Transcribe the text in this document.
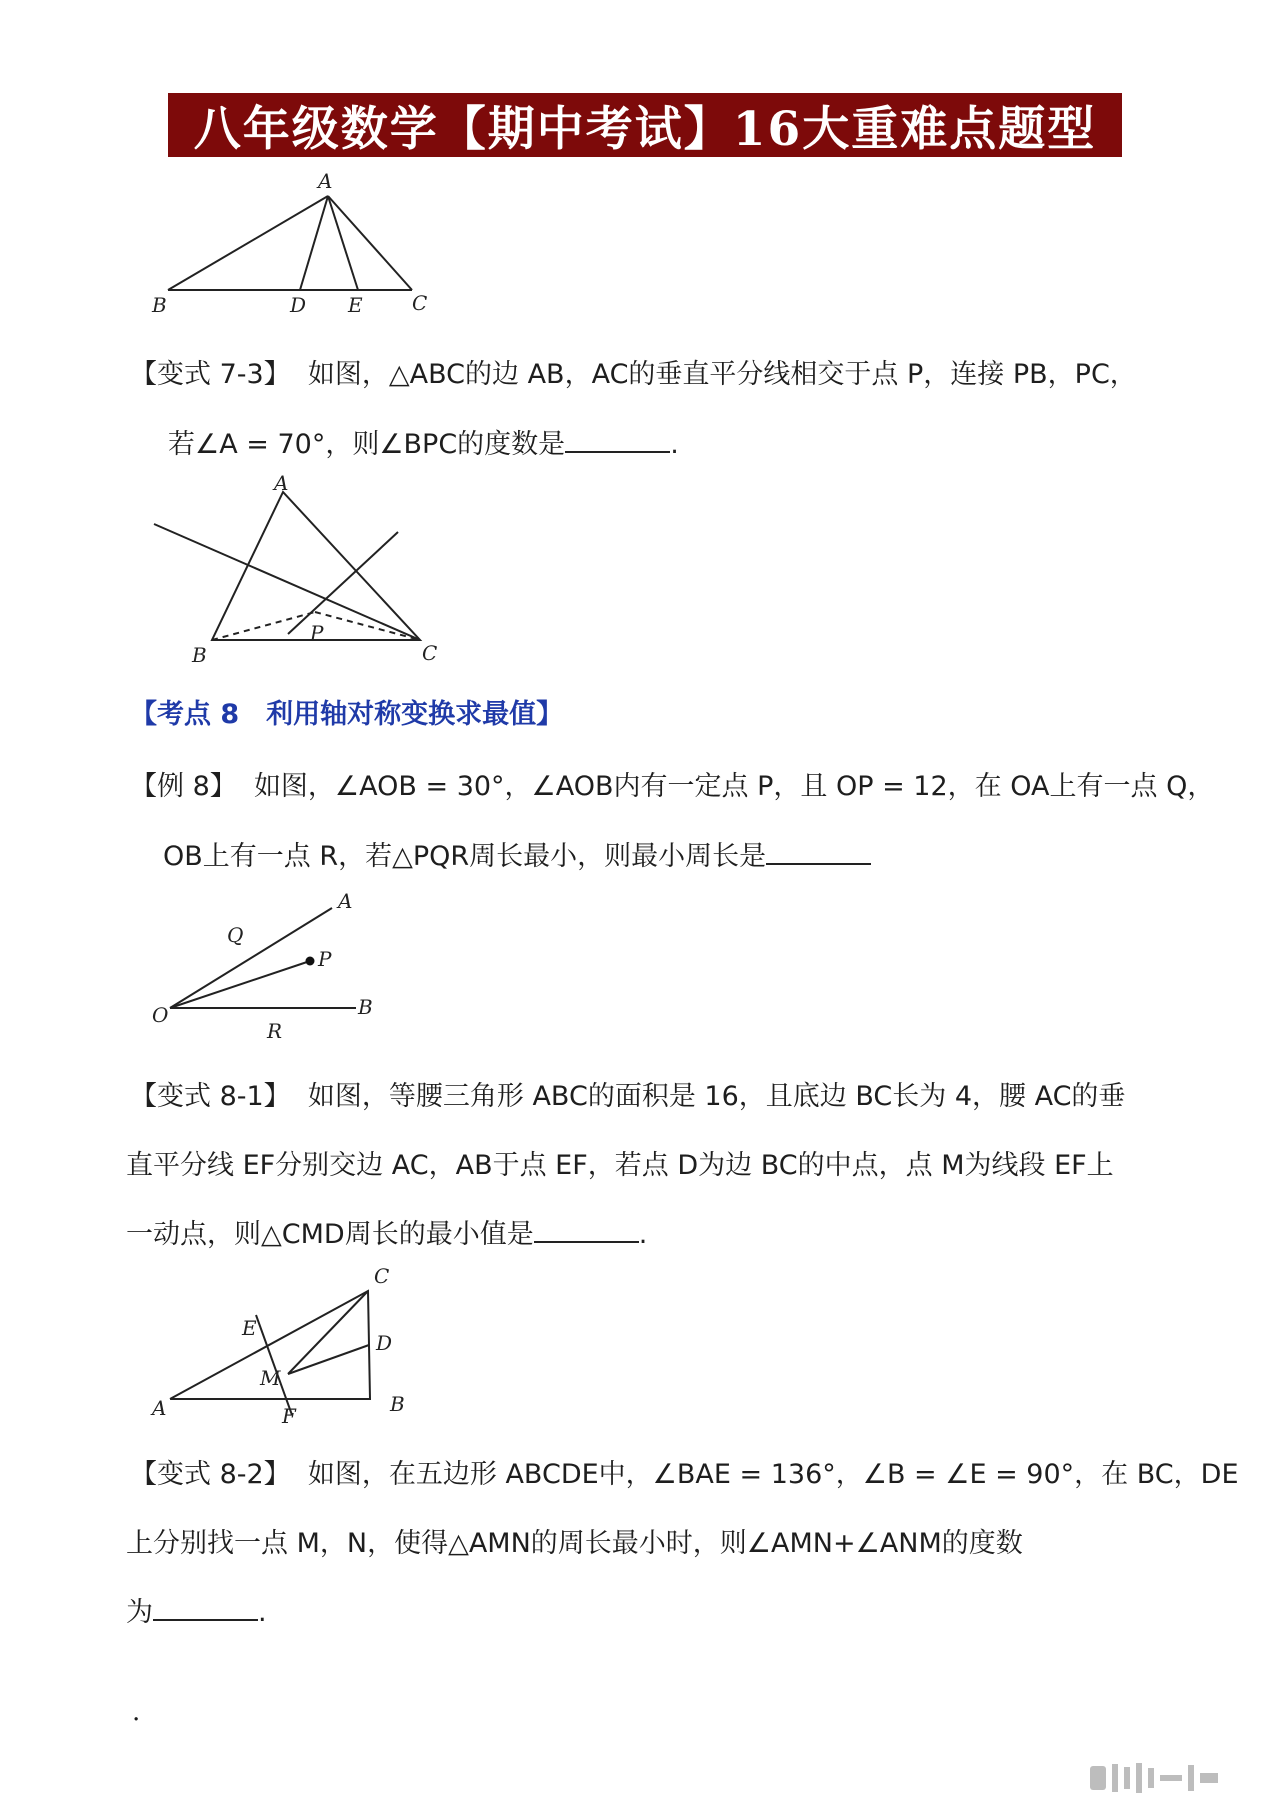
八年级数学【期中考试】16大重难点题型
A
B	D E C
【变式 7-3】 如图，△ABC的边 AB，AC的垂直平分线相交于点 P，连接 PB，PC，
若∠A = 70°，则∠BPC的度数是	.
A
B	C
P
【考点 8　利用轴对称变换求最值】
【例 8】 如图，∠AOB = 30°，∠AOB内有一定点 P，且 OP = 12，在 OA上有一点 Q，
OB上有一点 R，若△PQR周长最小，则最小周长是
A
B
O
P
Q
R
【变式 8-1】 如图，等腰三角形 ABC的面积是 16，且底边 BC长为 4，腰 AC的垂
直平分线 EF分别交边 AC，AB于点 EF，若点 D为边 BC的中点，点 M为线段 EF上
一动点，则△CMD周长的最小值是	.
C
D
E
M
A	F	B
【变式 8-2】 如图，在五边形 ABCDE中，∠BAE = 136°，∠B = ∠E = 90°，在 BC，DE
上分别找一点 M，N，使得△AMN的周长最小时，则∠AMN+∠ANM的度数
为	.
.
